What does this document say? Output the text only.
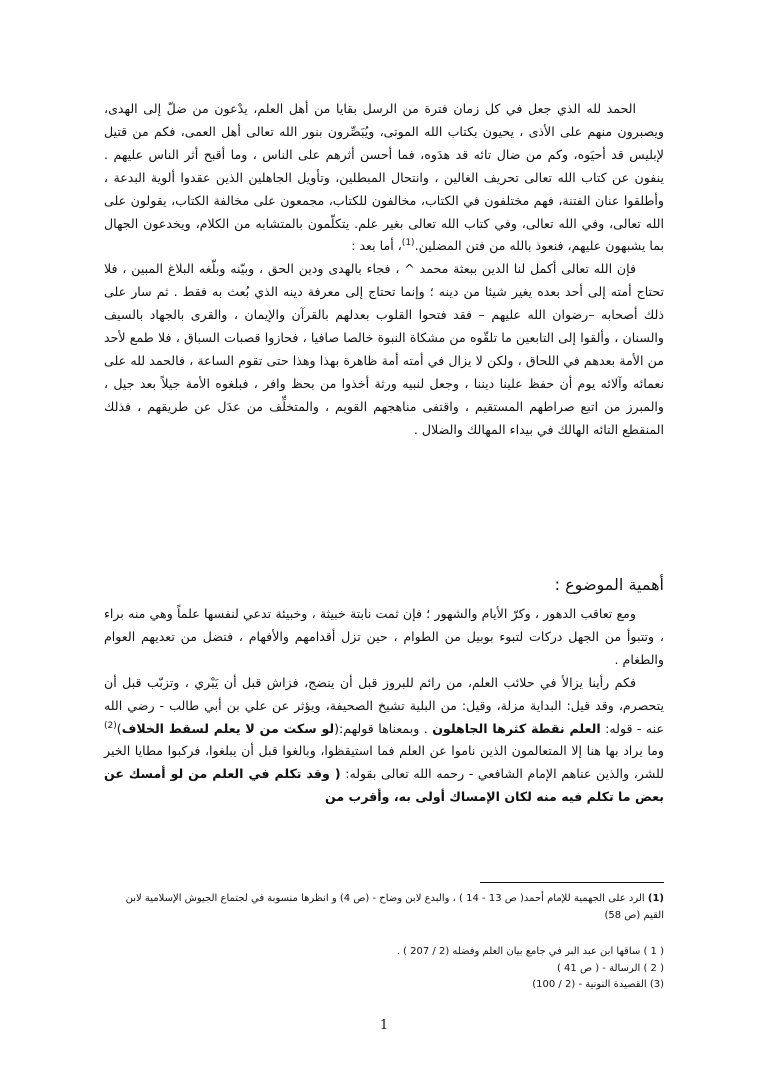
الحمد لله الذي جعل في كل زمان فترة من الرسل بقايا من أهل العلم، يدْعون من ضلّ إلى الهدى، ويصبرون منهم على الأذى ، يحيون بكتاب الله الموتى، ويُبَصِّرون بنور الله تعالى أهل العمى، فكم من قتيل لإبليس قد أحيَوه، وكم من ضال تائه قد هدَوه، فما أحسن أثرهم على الناس ، وما أقبح أثر الناس عليهم . ينفون عن كتاب الله تعالى تحريف الغالين ، وانتحال المبطلين، وتأويل الجاهلين الذين عقدوا ألوية البدعة ، وأطلقوا عنان الفتنة، فهم مختلفون في الكتاب، مخالفون للكتاب، مجمعون على مخالفة الكتاب، يقولون على الله تعالى، وفي الله تعالى، وفي كتاب الله تعالى بغير علم. يتكلّمون بالمتشابه من الكلام، ويخدعون الجهال بما يشبهون عليهم، فنعوذ بالله من فتن المضلين.$^{(1)}$، أما بعد :

فإن الله تعالى أكمل لنا الدين ببعثة محمد ^ ، فجاء بالهدى ودين الحق ، وبيّنه وبلّغه البلاغ المبين ، فلا تحتاج أمته إلى أحد بعده يغير شيئا من دينه ؛ وإنما تحتاج إلى معرفة دينه الذي بُعث به فقط . ثم سار على ذلك أصحابه –رضوان الله عليهم – فقد فتحوا القلوب بعدلهم بالقرآن والإيمان ، والقرى بالجهاد بالسيف والسنان ، وألقوا إلى التابعين ما تلقّوه من مشكاة النبوة خالصا صافيا ، فحازوا قصبات السباق ، فلا طمع لأحد من الأمة بعدهم في اللحاق ، ولكن لا يزال في أمته أمة ظاهرة بهذا وهذا حتى تقوم الساعة ، فالحمد لله على نعمائه وآلائه يوم أن حفظ علينا ديننا ، وجعل لنبيه ورثة أخذوا من بحظ وافر ، فبلغوه الأمة جيلاً بعد جيل ، والمبرز من اتبع صراطهم المستقيم ، واقتفى مناهجهم القويم ، والمتخلِّف من عدَل عن طريقهم ، فذلك المنقطع التائه الهالك في بيداء المهالك والضلال .

أهمية الموضوع :

ومع تعاقب الدهور ، وكرّ الأيام والشهور ؛ فإن ثمت نابتة خبيثة ، وخبيئة تدعي لنفسها علماً وهي منه براء ، وتتبوأ من الجهل دركات لتبوء بوبيل من الطوام ، حين تزل أقدامهم والأفهام ، فتضل من تعديهم العوام والطغام .

فكم رأينا يزالأ في حلائب العلم، من رائم للبروز قبل أن ينضج، فزاش قبل أن يَبْري ، وتزبّب قبل أن يتحصرم، وقد قيل: البداية مزلة، وقيل: من البلية تشيخ الصحيفة، ويؤثر عن علي بن أبي طالب - رضي الله عنه - قوله: العلم نقطة كثرها الجاهلون . وبمعناها قولهم:(لو سكت من لا يعلم لسقط الخلاف)$^{(2)}$ وما يراد بها هنا إلا المتعالمون الذين ناموا عن العلم فما استيقظوا، وبالغوا قبل أن يبلغوا، فركبوا مطايا الخير للشر، والذين عناهم الإمام الشافعي - رحمه الله تعالى بقوله: ( وقد تكلم في العلم من لو أمسك عن بعض ما تكلم فيه منه لكان الإمساك أولى به، وأقرب من

(1) الرد على الجهمية للإمام أحمد( ص 13 - 14 ) ، والبدع لابن وضاح - (ص 4) و انظرها منسوبة في لجتماع الجيوش الإسلامية لابن القيم (ص 58)

( 1 ) ساقها ابن عبد البر في جامع بيان العلم وفضله (2 / 207 ) .

( 2 ) الرسالة - ( ص 41 )

(3) القصيدة النونية - (2 / 100)

1
